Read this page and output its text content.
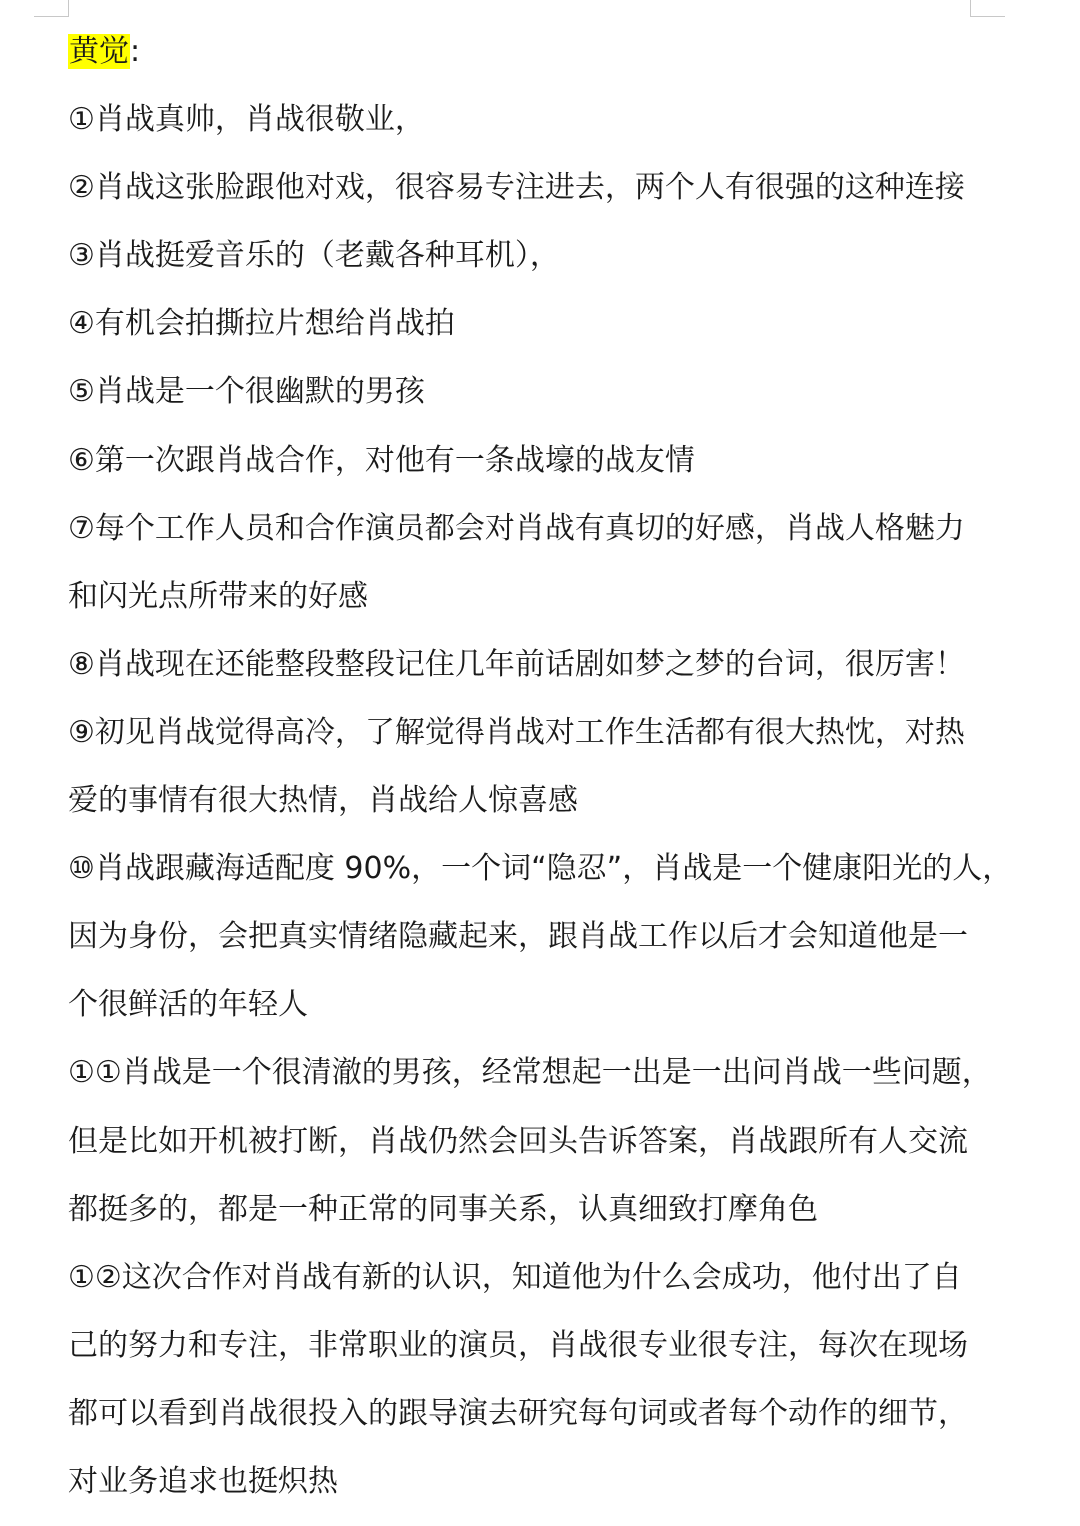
黄觉:
①肖战真帅，肖战很敬业，
②肖战这张脸跟他对戏，很容易专注进去，两个人有很强的这种连接
③肖战挺爱音乐的（老戴各种耳机），
④有机会拍撕拉片想给肖战拍
⑤肖战是一个很幽默的男孩
⑥第一次跟肖战合作，对他有一条战壕的战友情
⑦每个工作人员和合作演员都会对肖战有真切的好感，肖战人格魅力
和闪光点所带来的好感
⑧肖战现在还能整段整段记住几年前话剧如梦之梦的台词，很厉害！
⑨初见肖战觉得高冷，了解觉得肖战对工作生活都有很大热忱，对热
爱的事情有很大热情，肖战给人惊喜感
⑩肖战跟藏海适配度 90%，一个词“隐忍”，肖战是一个健康阳光的人，
因为身份，会把真实情绪隐藏起来，跟肖战工作以后才会知道他是一
个很鲜活的年轻人
①①肖战是一个很清澈的男孩，经常想起一出是一出问肖战一些问题，
但是比如开机被打断，肖战仍然会回头告诉答案，肖战跟所有人交流
都挺多的，都是一种正常的同事关系，认真细致打摩角色
①②这次合作对肖战有新的认识，知道他为什么会成功，他付出了自
己的努力和专注，非常职业的演员，肖战很专业很专注，每次在现场
都可以看到肖战很投入的跟导演去研究每句词或者每个动作的细节，
对业务追求也挺炽热
